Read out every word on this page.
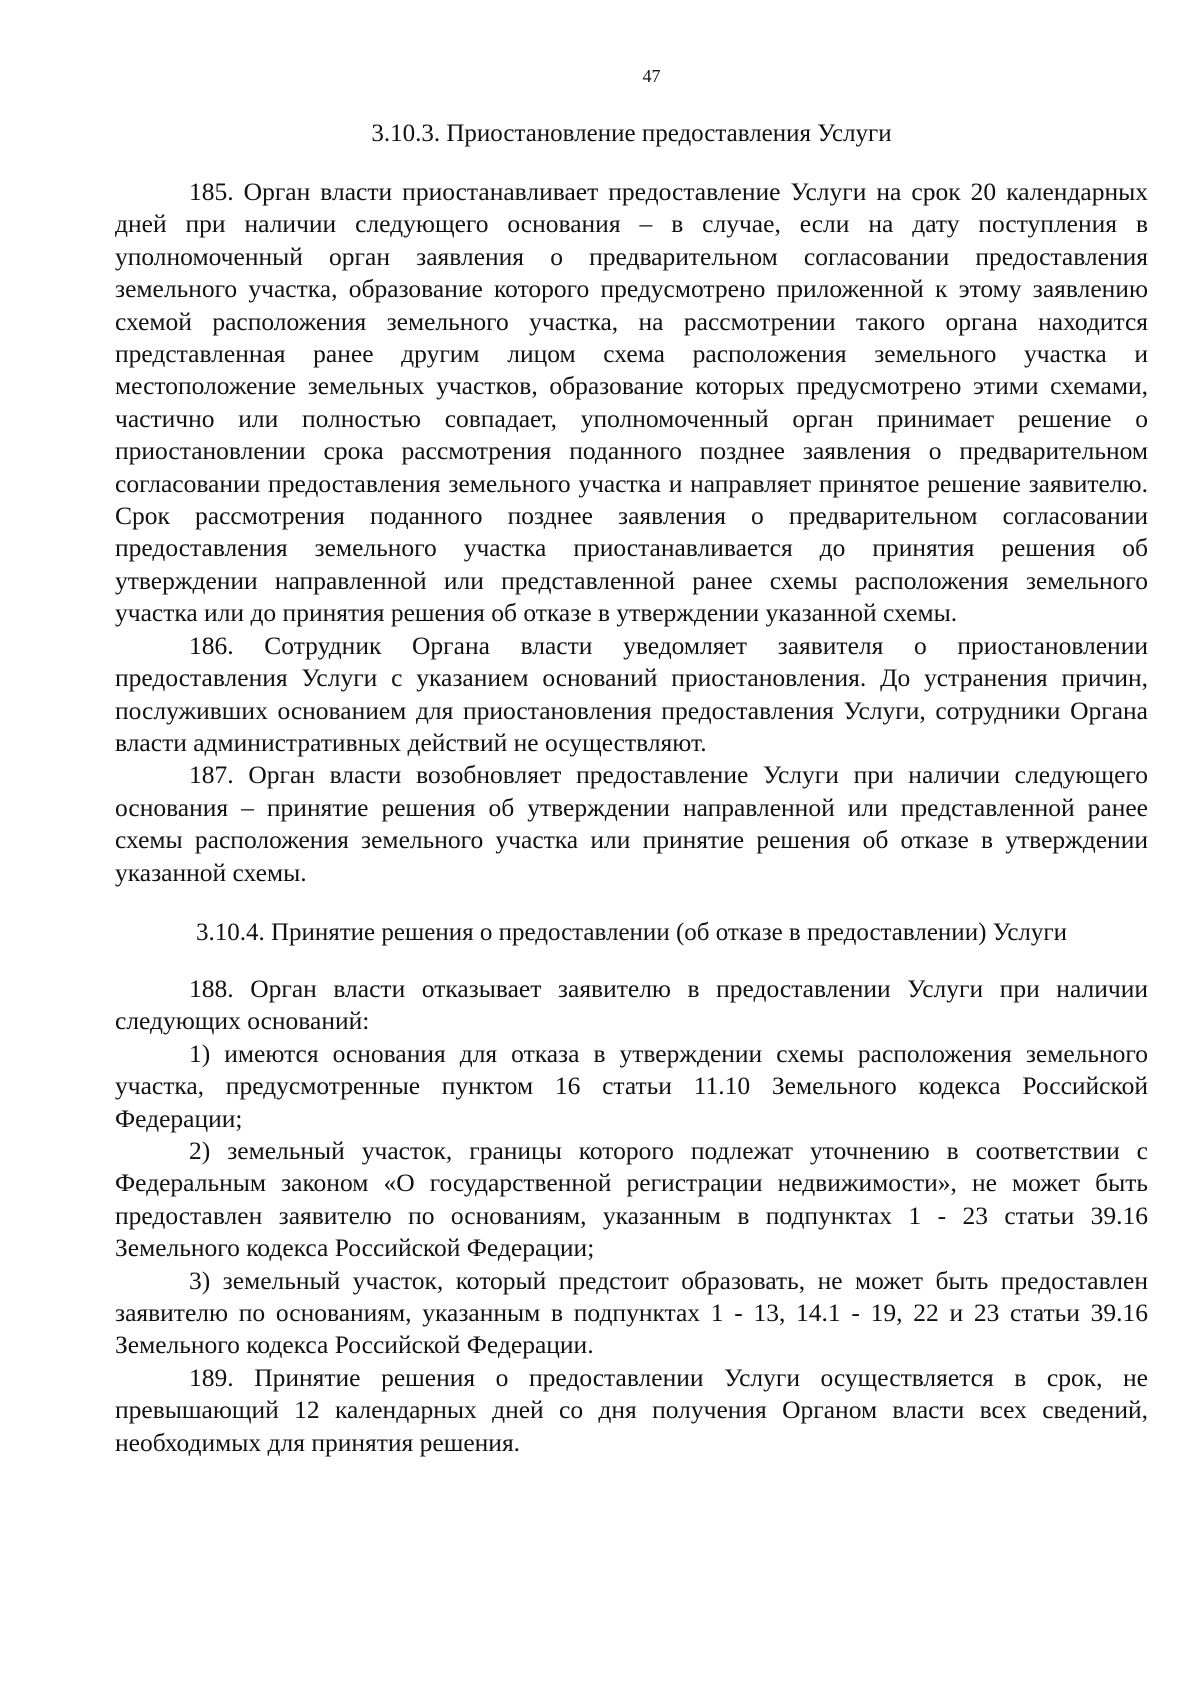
47
3.10.3. Приостановление предоставления Услуги

185. Орган власти приостанавливает предоставление Услуги на срок 20 календарных дней при наличии следующего основания – в случае, если на дату поступления в уполномоченный орган заявления о предварительном согласовании предоставления земельного участка, образование которого предусмотрено приложенной к этому заявлению схемой расположения земельного участка, на рассмотрении такого органа находится представленная ранее другим лицом схема расположения земельного участка и местоположение земельных участков, образование которых предусмотрено этими схемами, частично или полностью совпадает, уполномоченный орган принимает решение о приостановлении срока рассмотрения поданного позднее заявления о предварительном согласовании предоставления земельного участка и направляет принятое решение заявителю. Срок рассмотрения поданного позднее заявления о предварительном согласовании предоставления земельного участка приостанавливается до принятия решения об утверждении направленной или представленной ранее схемы расположения земельного участка или до принятия решения об отказе в утверждении указанной схемы.

186. Сотрудник Органа власти уведомляет заявителя о приостановлении предоставления Услуги с указанием оснований приостановления. До устранения причин, послуживших основанием для приостановления предоставления Услуги, сотрудники Органа власти административных действий не осуществляют.

187. Орган власти возобновляет предоставление Услуги при наличии следующего основания – принятие решения об утверждении направленной или представленной ранее схемы расположения земельного участка или принятие решения об отказе в утверждении указанной схемы.

3.10.4. Принятие решения о предоставлении (об отказе в предоставлении) Услуги

188. Орган власти отказывает заявителю в предоставлении Услуги при наличии следующих оснований:

1) имеются основания для отказа в утверждении схемы расположения земельного участка, предусмотренные пунктом 16 статьи 11.10 Земельного кодекса Российской Федерации;

2) земельный участок, границы которого подлежат уточнению в соответствии с Федеральным законом «О государственной регистрации недвижимости», не может быть предоставлен заявителю по основаниям, указанным в подпунктах 1 - 23 статьи 39.16 Земельного кодекса Российской Федерации;

3) земельный участок, который предстоит образовать, не может быть предоставлен заявителю по основаниям, указанным в подпунктах 1 - 13, 14.1 - 19, 22 и 23 статьи 39.16 Земельного кодекса Российской Федерации.

189. Принятие решения о предоставлении Услуги осуществляется в срок, не превышающий 12 календарных дней со дня получения Органом власти всех сведений, необходимых для принятия решения.
